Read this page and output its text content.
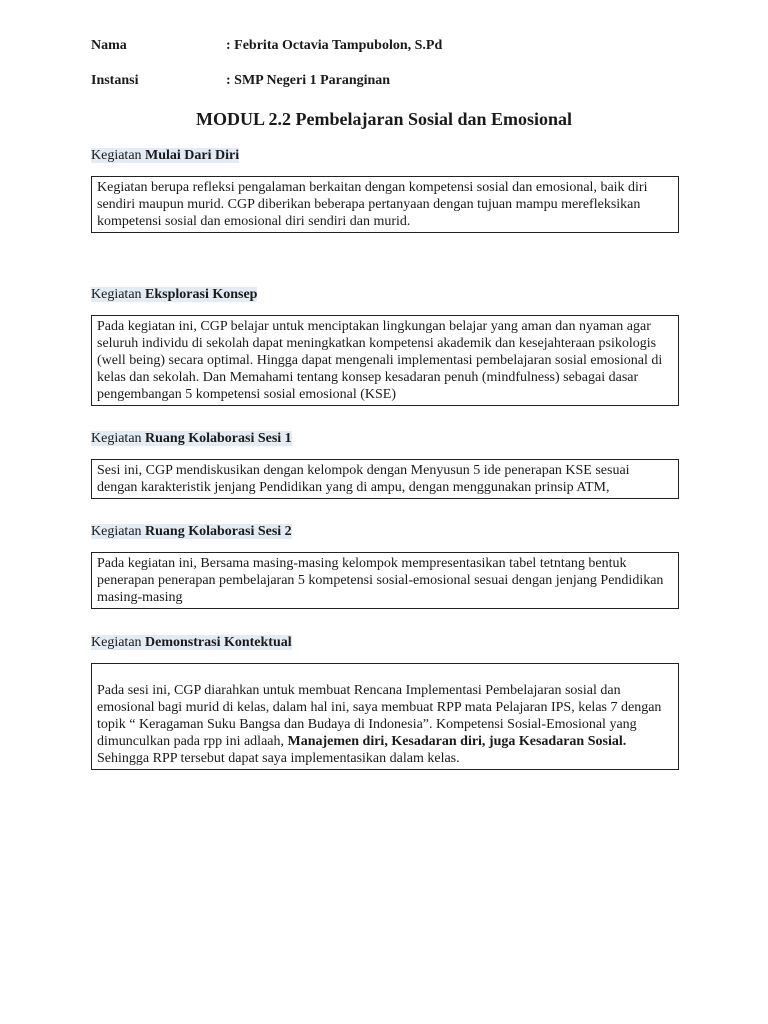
Nama	: Febrita Octavia Tampubolon, S.Pd
Instansi	: SMP Negeri 1 Paranginan
MODUL 2.2 Pembelajaran Sosial dan Emosional
Kegiatan Mulai Dari Diri

Kegiatan berupa refleksi pengalaman berkaitan dengan kompetensi sosial dan emosional, baik diri sendiri maupun murid. CGP diberikan beberapa pertanyaan dengan tujuan mampu merefleksikan kompetensi sosial dan emosional diri sendiri dan murid.

Kegiatan Eksplorasi Konsep

Pada kegiatan ini, CGP belajar untuk menciptakan lingkungan belajar yang aman dan nyaman agar seluruh individu di sekolah dapat meningkatkan kompetensi akademik dan kesejahteraan psikologis (well being) secara optimal. Hingga dapat mengenali implementasi pembelajaran sosial emosional di kelas dan sekolah. Dan Memahami tentang konsep kesadaran penuh (mindfulness) sebagai dasar pengembangan 5 kompetensi sosial emosional (KSE)

Kegiatan Ruang Kolaborasi Sesi 1

Sesi ini, CGP mendiskusikan dengan kelompok dengan Menyusun 5 ide penerapan KSE sesuai dengan karakteristik jenjang Pendidikan yang di ampu, dengan menggunakan prinsip ATM,

Kegiatan Ruang Kolaborasi Sesi 2

Pada kegiatan ini, Bersama masing-masing kelompok mempresentasikan tabel tetntang bentuk penerapan penerapan pembelajaran 5 kompetensi sosial-emosional sesuai dengan jenjang Pendidikan masing-masing

Kegiatan Demonstrasi Kontektual

Pada sesi ini, CGP diarahkan untuk membuat Rencana Implementasi Pembelajaran sosial dan emosional bagi murid di kelas, dalam hal ini, saya membuat RPP mata Pelajaran IPS, kelas 7 dengan topik “ Keragaman Suku Bangsa dan Budaya di Indonesia”. Kompetensi Sosial-Emosional yang dimunculkan pada rpp ini adlaah, Manajemen diri, Kesadaran diri, juga Kesadaran Sosial. Sehingga RPP tersebut dapat saya implementasikan dalam kelas.
